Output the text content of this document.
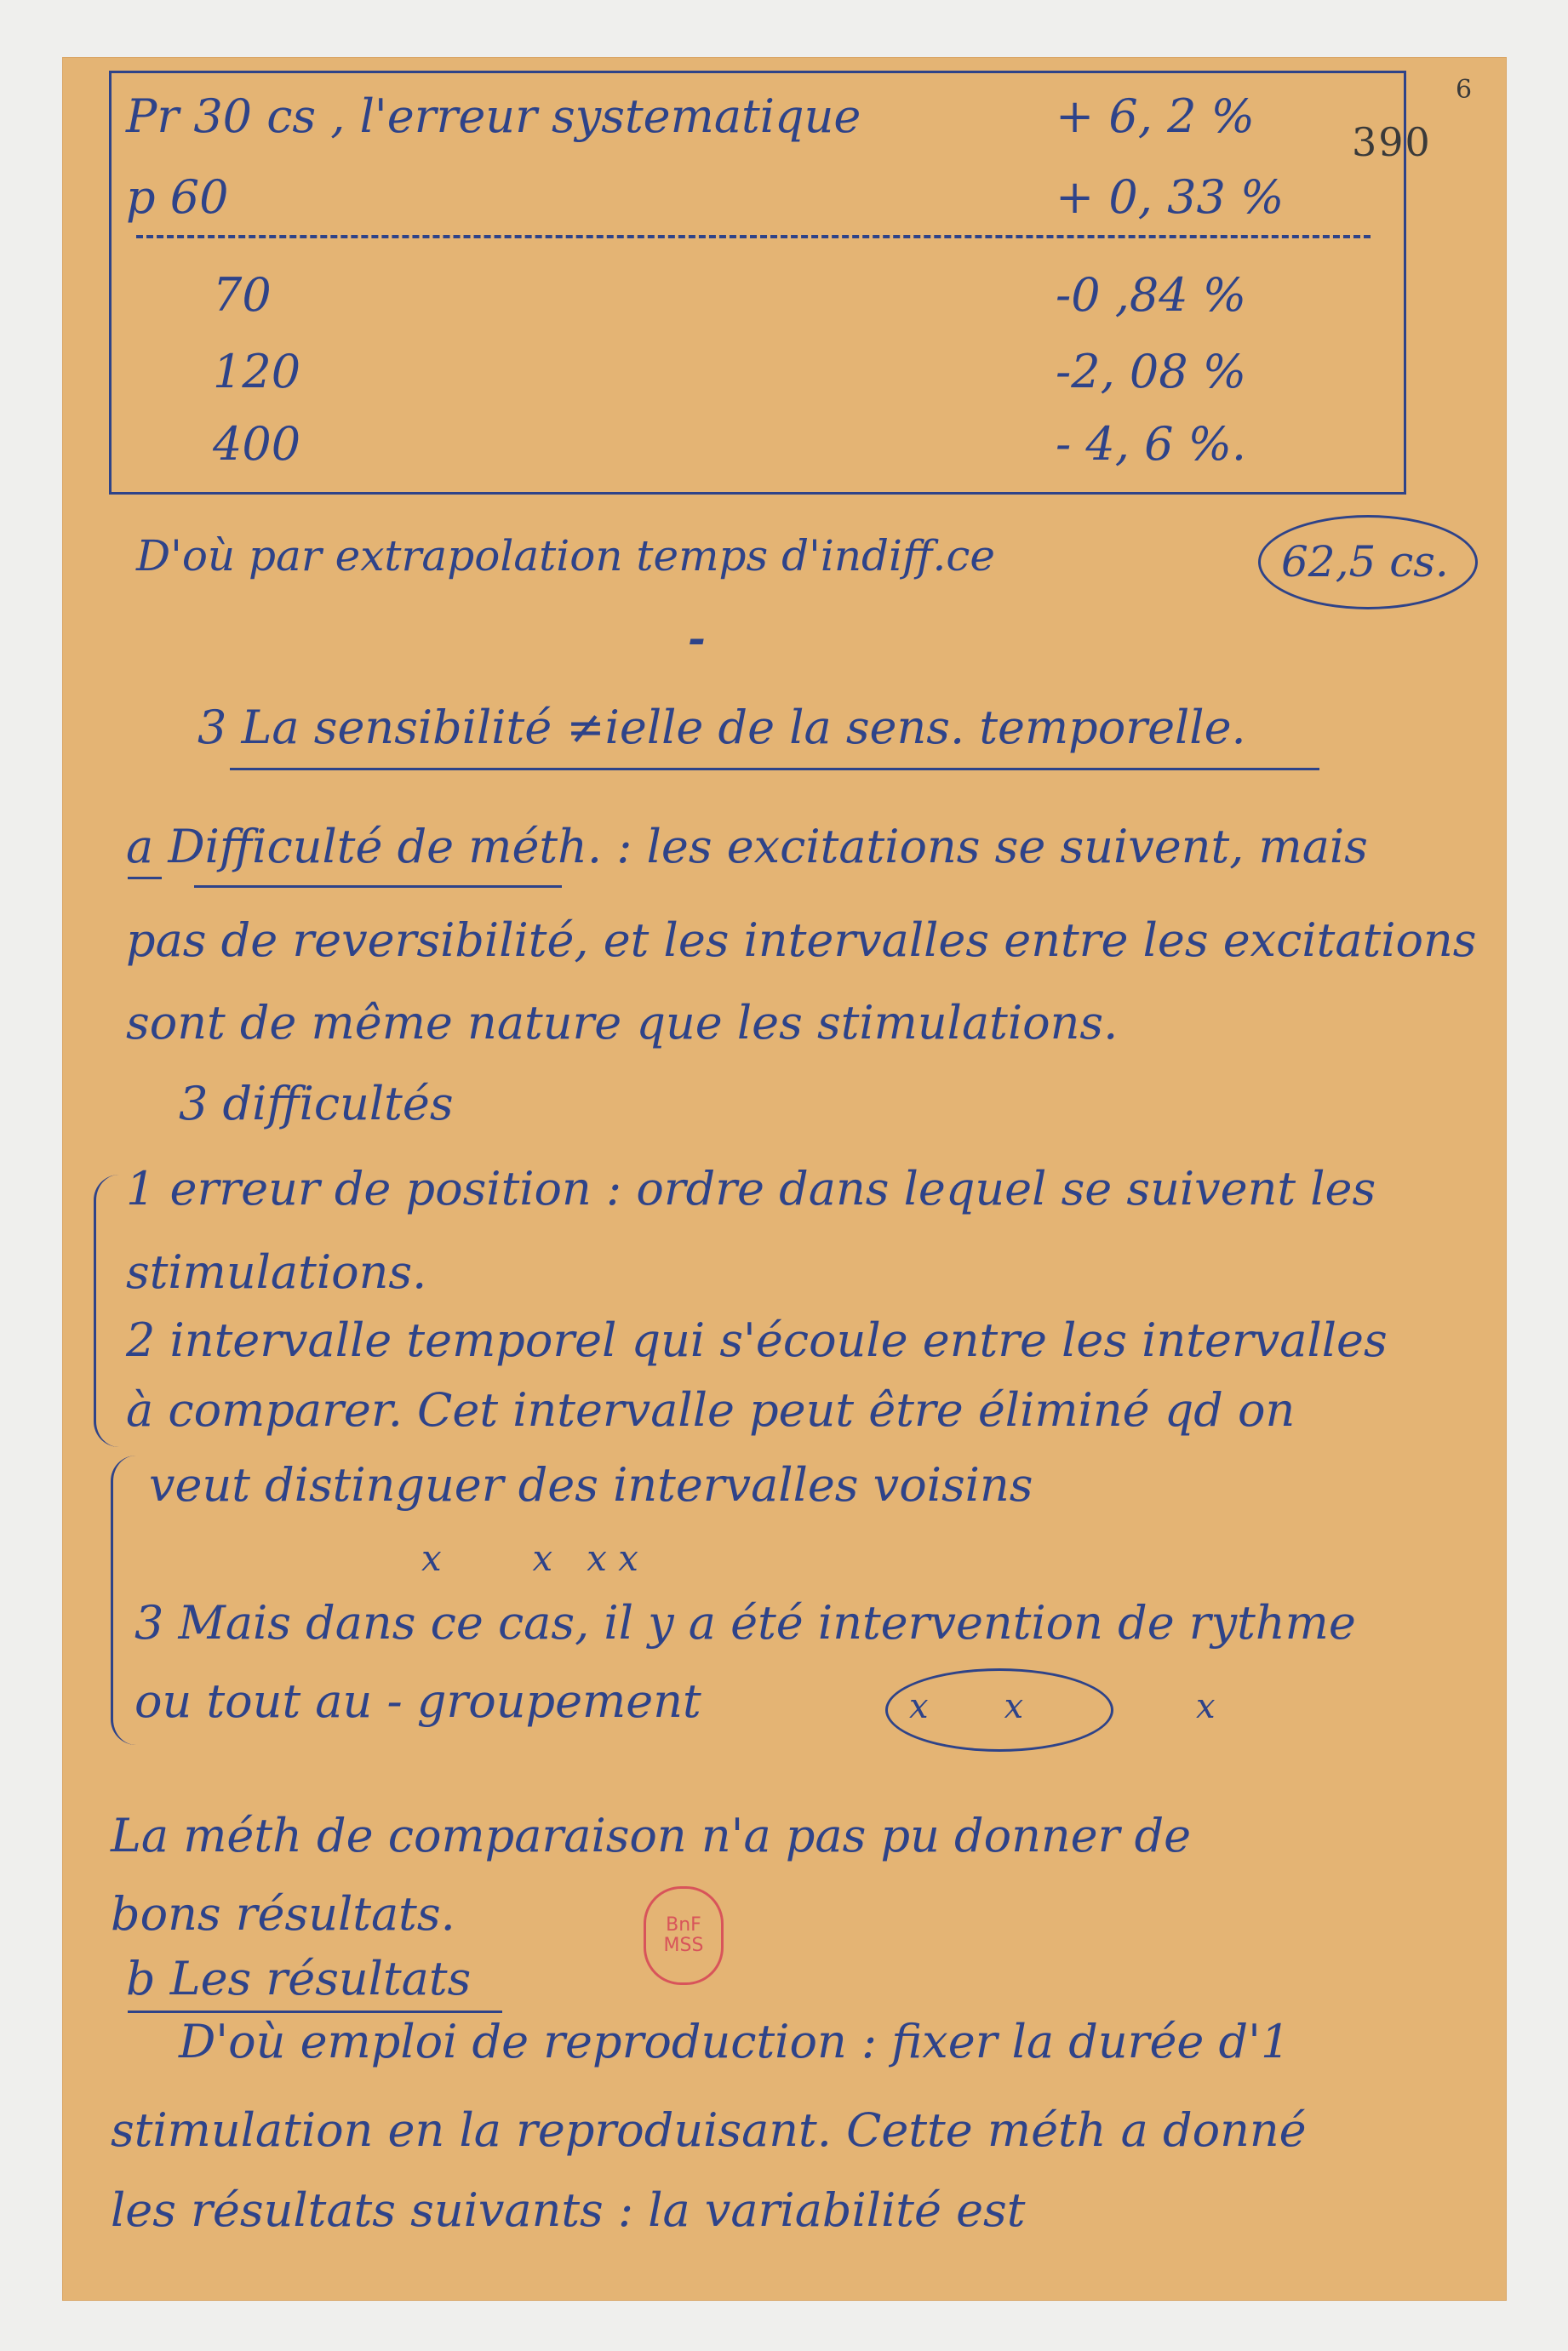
390
6
Pr 30 cs , l'erreur systematique	+ 6, 2 %
p 60	+ 0, 33 %
70	-0 ,84 %
120	-2, 08 %
400	- 4, 6 %.
D'où par extrapolation temps d'indiff.ce	62,5 cs.
-
3 La sensibilité ≠ielle de la sens. temporelle.
a Difficulté de méth. : les excitations se suivent, mais
pas de reversibilité, et les intervalles entre les excitations
sont de même nature que les stimulations.
3 difficultés
1 erreur de position : ordre dans lequel se suivent les
stimulations.
2 intervalle temporel qui s'écoule entre les intervalles
à comparer. Cet intervalle peut être éliminé qd on
veut distinguer des intervalles voisins
x        x   x x
3 Mais dans ce cas, il y a été intervention de rythme
ou tout au - groupement	x       x	x
La méth de comparaison n'a pas pu donner de
bons résultats.	BnF
MSS
b Les résultats
D'où emploi de reproduction : fixer la durée d'1
stimulation en la reproduisant. Cette méth a donné
les résultats suivants : la variabilité est
